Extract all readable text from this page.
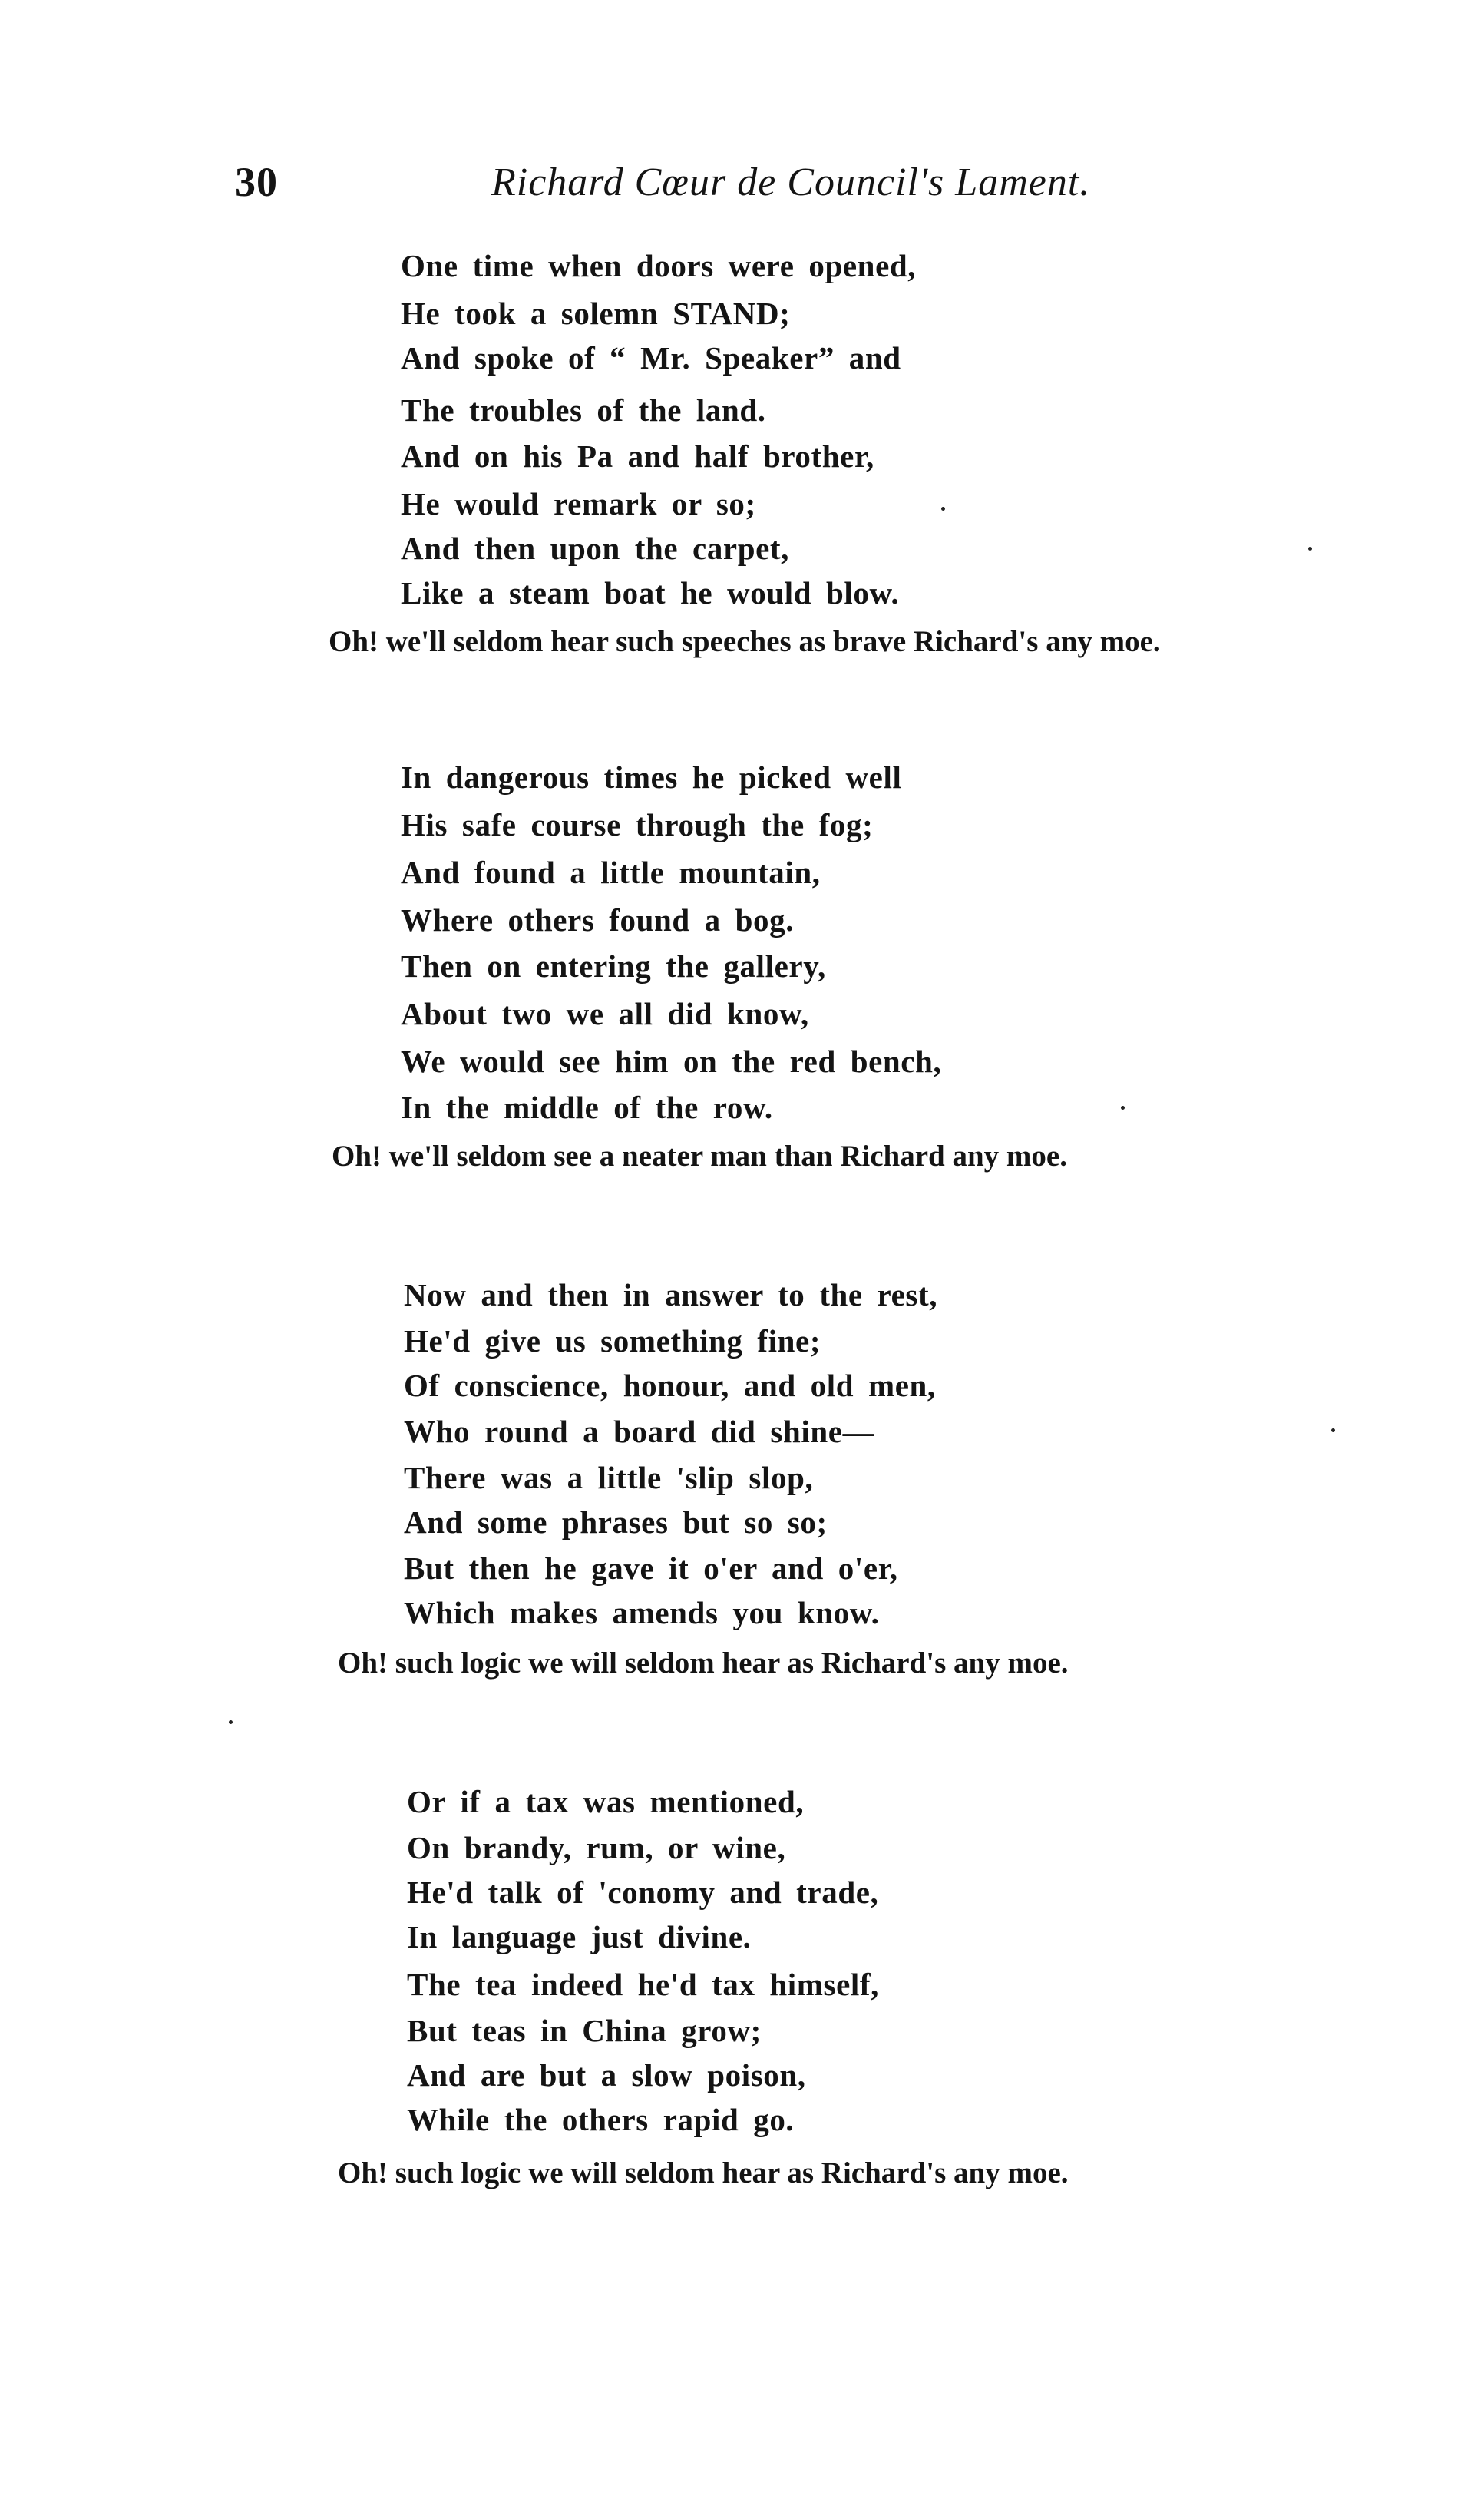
30	Richard Cœur de Council's Lament.
One time when doors were opened,
He took a solemn STAND;
And spoke of “ Mr. Speaker” and
The troubles of the land.
And on his Pa and half brother,
He would remark or so;
And then upon the carpet,
Like a steam boat he would blow.
Oh! we'll seldom hear such speeches as brave Richard's any moe.
In dangerous times he picked well
His safe course through the fog;
And found a little mountain,
Where others found a bog.
Then on entering the gallery,
About two we all did know,
We would see him on the red bench,
In the middle of the row.
Oh! we'll seldom see a neater man than Richard any moe.
Now and then in answer to the rest,
He'd give us something fine;
Of conscience, honour, and old men,
Who round a board did shine—
There was a little 'slip slop,
And some phrases but so so;
But then he gave it o'er and o'er,
Which makes amends you know.
Oh! such logic we will seldom hear as Richard's any moe.
Or if a tax was mentioned,
On brandy, rum, or wine,
He'd talk of 'conomy and trade,
In language just divine.
The tea indeed he'd tax himself,
But teas in China grow;
And are but a slow poison,
While the others rapid go.
Oh! such logic we will seldom hear as Richard's any moe.
